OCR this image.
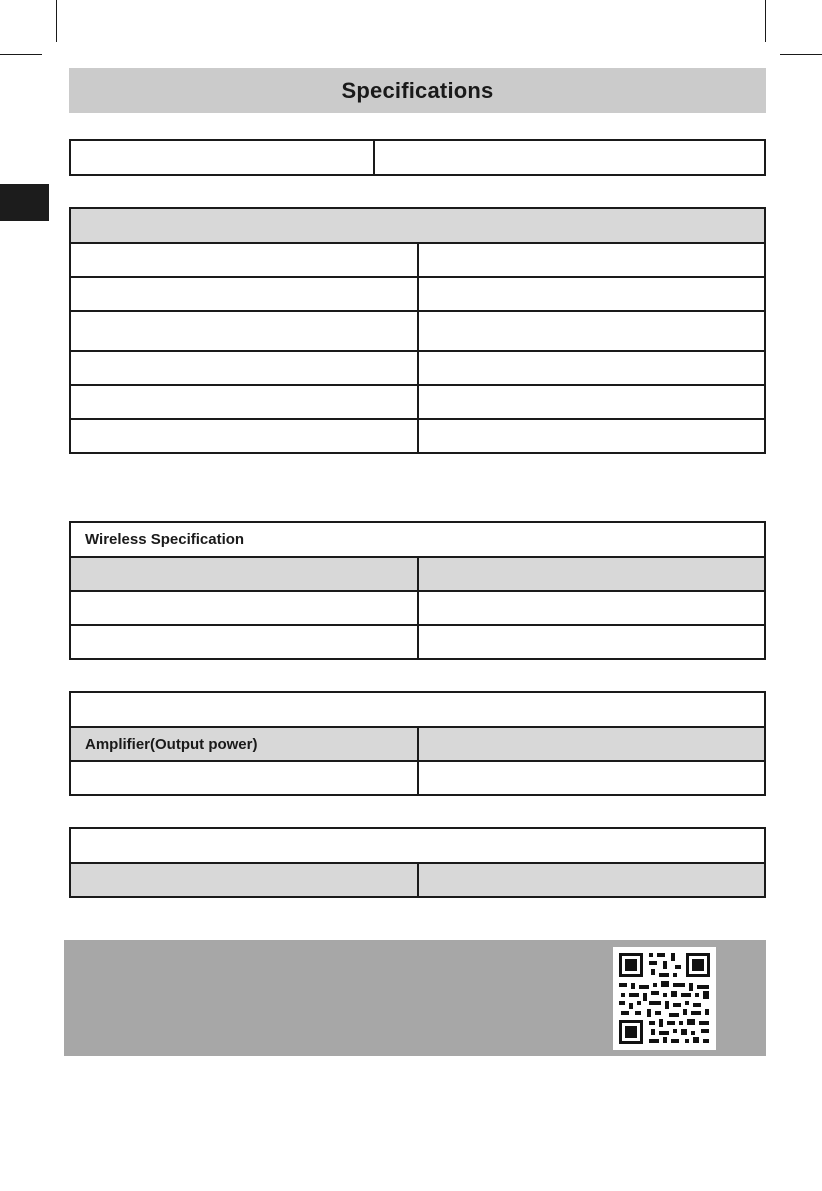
Specifications

Wireless Specification	

Amplifier(Output power)	
